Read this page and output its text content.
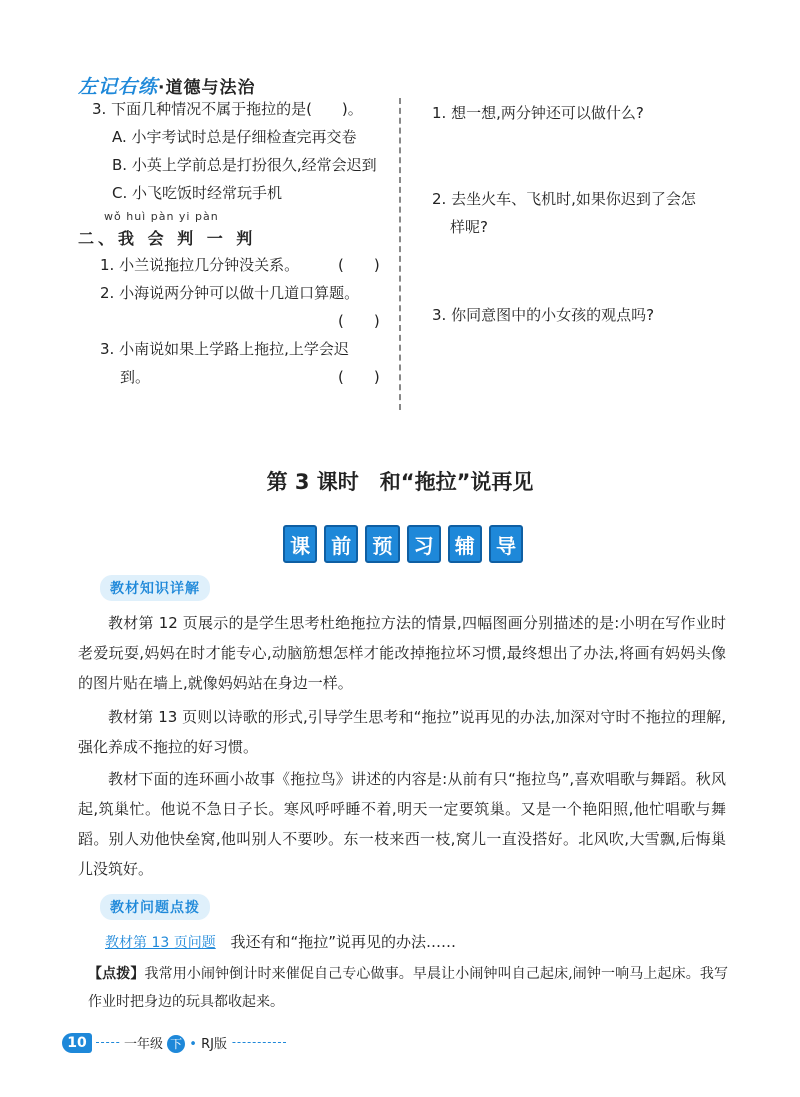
左记右练·道德与法治
3. 下面几种情况不属于拖拉的是(　　)。
A. 小宇考试时总是仔细检查完再交卷
B. 小英上学前总是打扮很久,经常会迟到
C. 小飞吃饭时经常玩手机
wǒ huì pàn yi pàn
二、我 会 判 一 判
1. 小兰说拖拉几分钟没关系。	(　　)
2. 小海说两分钟可以做十几道口算题。
(　　)
3. 小南说如果上学路上拖拉,上学会迟
到。	(　　)
1. 想一想,两分钟还可以做什么?
2. 去坐火车、飞机时,如果你迟到了会怎
样呢?
3. 你同意图中的小女孩的观点吗?
第 3 课时　和“拖拉”说再见
课	前	预	习	辅	导
教材知识详解
教材第 12 页展示的是学生思考杜绝拖拉方法的情景,四幅图画分别描述的是:小明在写作业时老爱玩耍,妈妈在时才能专心,动脑筋想怎样才能改掉拖拉坏习惯,最终想出了办法,将画有妈妈头像的图片贴在墙上,就像妈妈站在身边一样。
教材第 13 页则以诗歌的形式,引导学生思考和“拖拉”说再见的办法,加深对守时不拖拉的理解,强化养成不拖拉的好习惯。
教材下面的连环画小故事《拖拉鸟》讲述的内容是:从前有只“拖拉鸟”,喜欢唱歌与舞蹈。秋风起,筑巢忙。他说不急日子长。寒风呼呼睡不着,明天一定要筑巢。又是一个艳阳照,他忙唱歌与舞蹈。别人劝他快垒窝,他叫别人不要吵。东一枝来西一枝,窝儿一直没搭好。北风吹,大雪飘,后悔巢儿没筑好。
教材问题点拨
教材第 13 页问题 我还有和“拖拉”说再见的办法……
【点拨】我常用小闹钟倒计时来催促自己专心做事。早晨让小闹钟叫自己起床,闹钟一响马上起床。我写作业时把身边的玩具都收起来。
10	一年级 下 • RJ版
